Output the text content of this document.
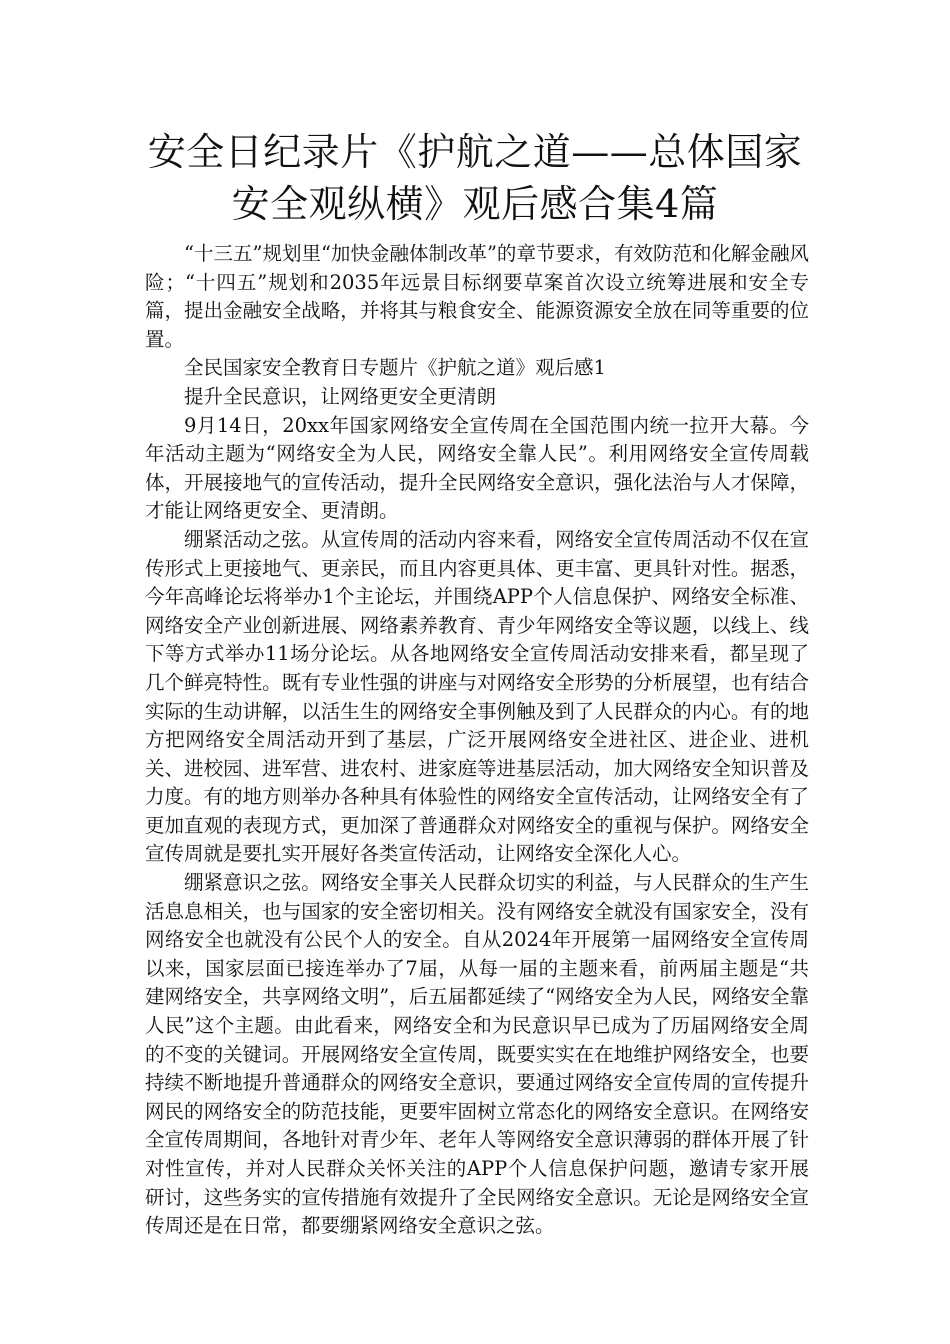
安全日纪录片《护航之道——总体国家安全观纵横》观后感合集4篇

“十三五”规划里“加快金融体制改革”的章节要求，有效防范和化解金融风险；“十四五”规划和2035年远景目标纲要草案首次设立统筹进展和安全专篇，提出金融安全战略，并将其与粮食安全、能源资源安全放在同等重要的位置。

全民国家安全教育日专题片《护航之道》观后感1

提升全民意识，让网络更安全更清朗

9月14日，20xx年国家网络安全宣传周在全国范围内统一拉开大幕。今年活动主题为“网络安全为人民，网络安全靠人民”。利用网络安全宣传周载体，开展接地气的宣传活动，提升全民网络安全意识，强化法治与人才保障，才能让网络更安全、更清朗。

绷紧活动之弦。从宣传周的活动内容来看，网络安全宣传周活动不仅在宣传形式上更接地气、更亲民，而且内容更具体、更丰富、更具针对性。据悉，今年高峰论坛将举办1个主论坛，并围绕APP个人信息保护、网络安全标准、网络安全产业创新进展、网络素养教育、青少年网络安全等议题，以线上、线下等方式举办11场分论坛。从各地网络安全宣传周活动安排来看，都呈现了几个鲜亮特性。既有专业性强的讲座与对网络安全形势的分析展望，也有结合实际的生动讲解，以活生生的网络安全事例触及到了人民群众的内心。有的地方把网络安全周活动开到了基层，广泛开展网络安全进社区、进企业、进机关、进校园、进军营、进农村、进家庭等进基层活动，加大网络安全知识普及力度。有的地方则举办各种具有体验性的网络安全宣传活动，让网络安全有了更加直观的表现方式，更加深了普通群众对网络安全的重视与保护。网络安全宣传周就是要扎实开展好各类宣传活动，让网络安全深化人心。

绷紧意识之弦。网络安全事关人民群众切实的利益，与人民群众的生产生活息息相关，也与国家的安全密切相关。没有网络安全就没有国家安全，没有网络安全也就没有公民个人的安全。自从2024年开展第一届网络安全宣传周以来，国家层面已接连举办了7届，从每一届的主题来看，前两届主题是“共建网络安全，共享网络文明”，后五届都延续了“网络安全为人民，网络安全靠人民”这个主题。由此看来，网络安全和为民意识早已成为了历届网络安全周的不变的关键词。开展网络安全宣传周，既要实实在在地维护网络安全，也要持续不断地提升普通群众的网络安全意识，要通过网络安全宣传周的宣传提升网民的网络安全的防范技能，更要牢固树立常态化的网络安全意识。在网络安全宣传周期间，各地针对青少年、老年人等网络安全意识薄弱的群体开展了针对性宣传，并对人民群众关怀关注的APP个人信息保护问题，邀请专家开展研讨，这些务实的宣传措施有效提升了全民网络安全意识。无论是网络安全宣传周还是在日常，都要绷紧网络安全意识之弦。
